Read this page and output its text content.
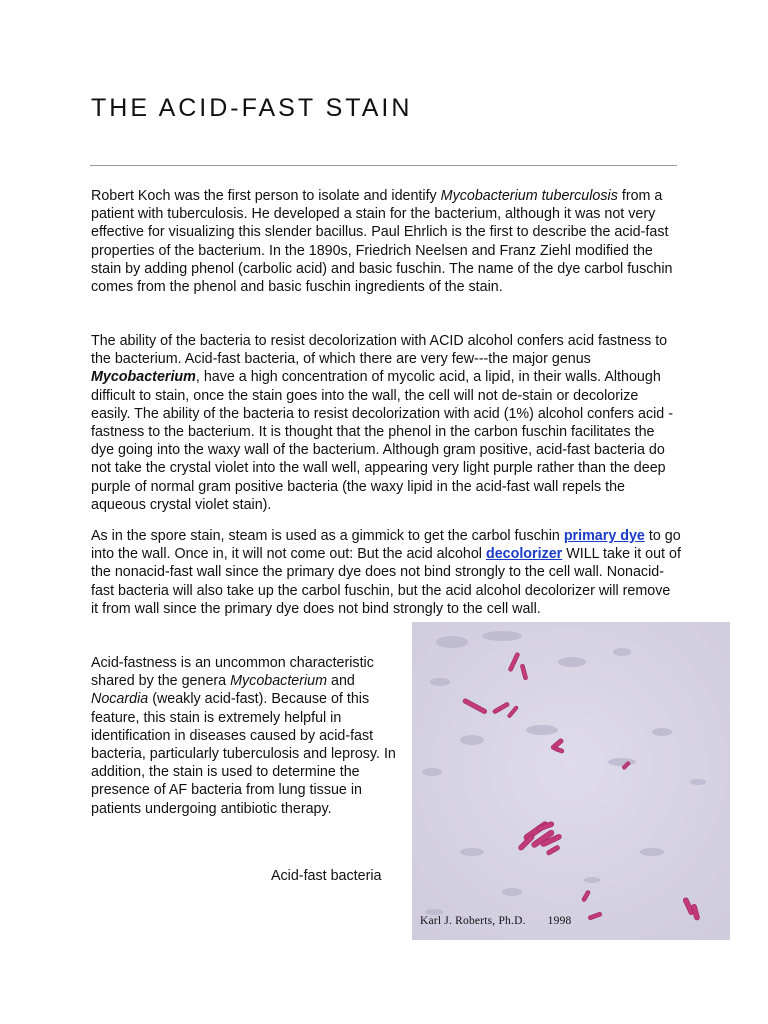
THE ACID-FAST STAIN

Robert Koch was the first person to isolate and identify Mycobacterium tuberculosis from a patient with tuberculosis. He developed a stain for the bacterium, although it was not very effective for visualizing this slender bacillus. Paul Ehrlich is the first to describe the acid-fast properties of the bacterium. In the 1890s, Friedrich Neelsen and Franz Ziehl modified the stain by adding phenol (carbolic acid) and basic fuschin. The name of the dye carbol fuschin comes from the phenol and basic fuschin ingredients of the stain.

The ability of the bacteria to resist decolorization with ACID alcohol confers acid fastness to the bacterium. Acid-fast bacteria, of which there are very few---the major genus Mycobacterium, have a high concentration of mycolic acid, a lipid, in their walls. Although difficult to stain, once the stain goes into the wall, the cell will not de-stain or decolorize easily. The ability of the bacteria to resist decolorization with acid (1%) alcohol confers acid -fastness to the bacterium. It is thought that the phenol in the carbon fuschin facilitates the dye going into the waxy wall of the bacterium. Although gram positive, acid-fast bacteria do not take the crystal violet into the wall well, appearing very light purple rather than the deep purple of normal gram positive bacteria (the waxy lipid in the acid-fast wall repels the aqueous crystal violet stain).

As in the spore stain, steam is used as a gimmick to get the carbol fuschin primary dye to go into the wall. Once in, it will not come out: But the acid alcohol decolorizer WILL take it out of the nonacid-fast wall since the primary dye does not bind strongly to the cell wall. Nonacid-fast bacteria will also take up the carbol fuschin, but the acid alcohol decolorizer will remove it from wall since the primary dye does not bind strongly to the cell wall.

Acid-fastness is an uncommon characteristic shared by the genera Mycobacterium and Nocardia (weakly acid-fast). Because of this feature, this stain is extremely helpful in identification in diseases caused by acid-fast bacteria, particularly tuberculosis and leprosy. In addition, the stain is used to determine the presence of AF bacteria from lung tissue in patients undergoing antibiotic therapy.

Acid-fast bacteria

Karl J. Roberts, Ph.D. 1998
